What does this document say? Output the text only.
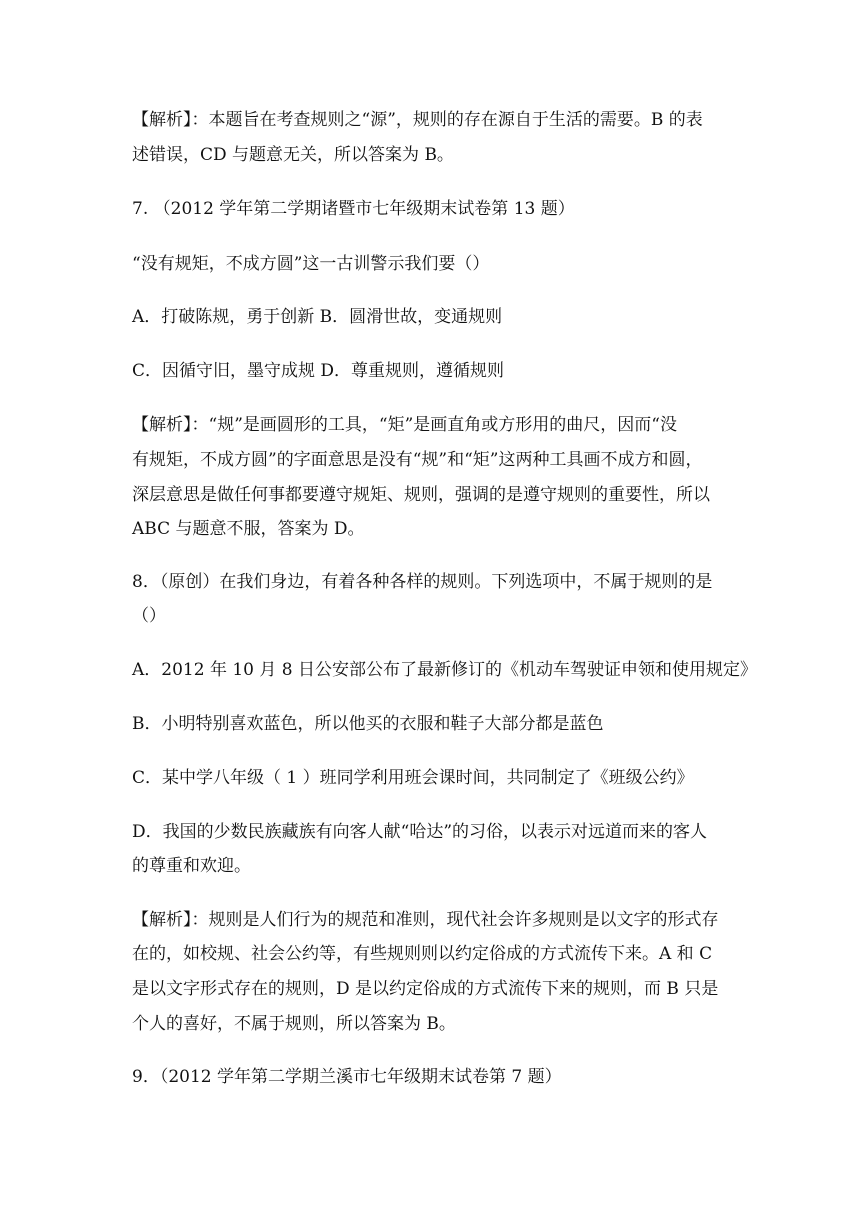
【解析】：本题旨在考查规则之“源”，规则的存在源自于生活的需要。B 的表

述错误，CD 与题意无关，所以答案为 B。

7. （2012 学年第二学期诸暨市七年级期末试卷第 13 题）

“没有规矩，不成方圆”这一古训警示我们要（）

A．打破陈规，勇于创新 B．圆滑世故，变通规则

C．因循守旧，墨守成规 D．尊重规则，遵循规则

【解析】：“规”是画圆形的工具，“矩”是画直角或方形用的曲尺，因而“没

有规矩，不成方圆”的字面意思是没有“规”和“矩”这两种工具画不成方和圆，

深层意思是做任何事都要遵守规矩、规则，强调的是遵守规则的重要性，所以

ABC 与题意不服，答案为 D。

8．（原创）在我们身边，有着各种各样的规则。下列选项中，不属于规则的是

（）

A．2012 年 10 月 8 日公安部公布了最新修订的《机动车驾驶证申领和使用规定》

B．小明特别喜欢蓝色，所以他买的衣服和鞋子大部分都是蓝色

C．某中学八年级（ 1 ）班同学利用班会课时间，共同制定了《班级公约》

D．我国的少数民族藏族有向客人献“哈达”的习俗，以表示对远道而来的客人

的尊重和欢迎。

【解析】：规则是人们行为的规范和准则，现代社会许多规则是以文字的形式存

在的，如校规、社会公约等，有些规则则以约定俗成的方式流传下来。A 和 C

是以文字形式存在的规则，D 是以约定俗成的方式流传下来的规则，而 B 只是

个人的喜好，不属于规则，所以答案为 B。

9．（2012 学年第二学期兰溪市七年级期末试卷第 7 题）
